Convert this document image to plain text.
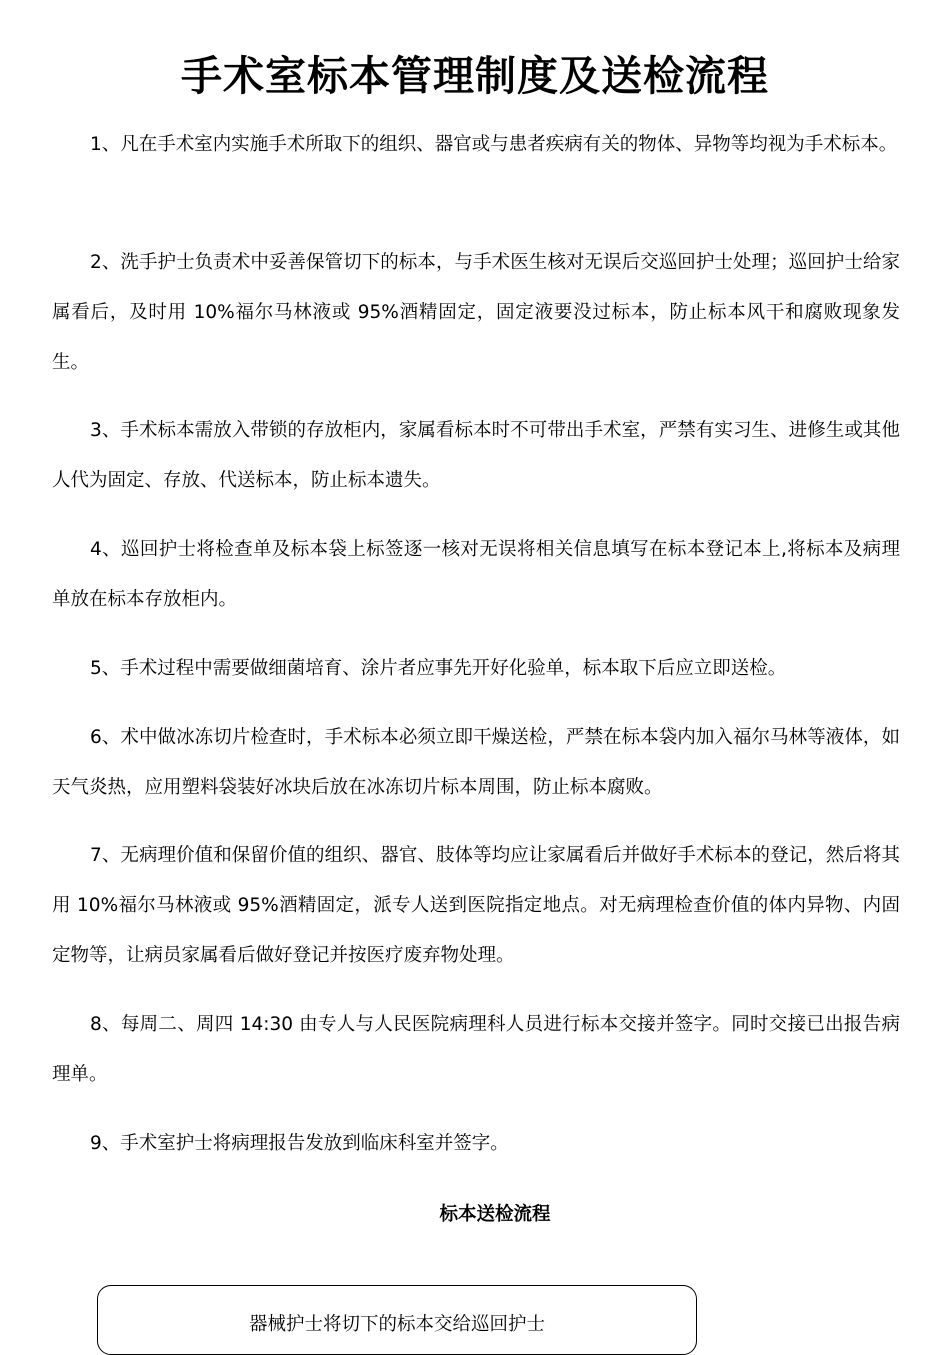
手术室标本管理制度及送检流程
1、凡在手术室内实施手术所取下的组织、器官或与患者疾病有关的物体、异物等均视为手术标本。
2、洗手护士负责术中妥善保管切下的标本，与手术医生核对无误后交巡回护士处理；巡回护士给家属看后，及时用 10%福尔马林液或 95%酒精固定，固定液要没过标本，防止标本风干和腐败现象发生。
3、手术标本需放入带锁的存放柜内，家属看标本时不可带出手术室，严禁有实习生、进修生或其他人代为固定、存放、代送标本，防止标本遗失。
4、巡回护士将检查单及标本袋上标签逐一核对无误将相关信息填写在标本登记本上,将标本及病理单放在标本存放柜内。
5、手术过程中需要做细菌培育、涂片者应事先开好化验单，标本取下后应立即送检。
6、术中做冰冻切片检查时，手术标本必须立即干燥送检，严禁在标本袋内加入福尔马林等液体，如天气炎热，应用塑料袋装好冰块后放在冰冻切片标本周围，防止标本腐败。
7、无病理价值和保留价值的组织、器官、肢体等均应让家属看后并做好手术标本的登记，然后将其用 10%福尔马林液或 95%酒精固定，派专人送到医院指定地点。对无病理检查价值的体内异物、内固定物等，让病员家属看后做好登记并按医疗废弃物处理。
8、每周二、周四 14:30 由专人与人民医院病理科人员进行标本交接并签字。同时交接已出报告病理单。
9、手术室护士将病理报告发放到临床科室并签字。
标本送检流程
器械护士将切下的标本交给巡回护士
